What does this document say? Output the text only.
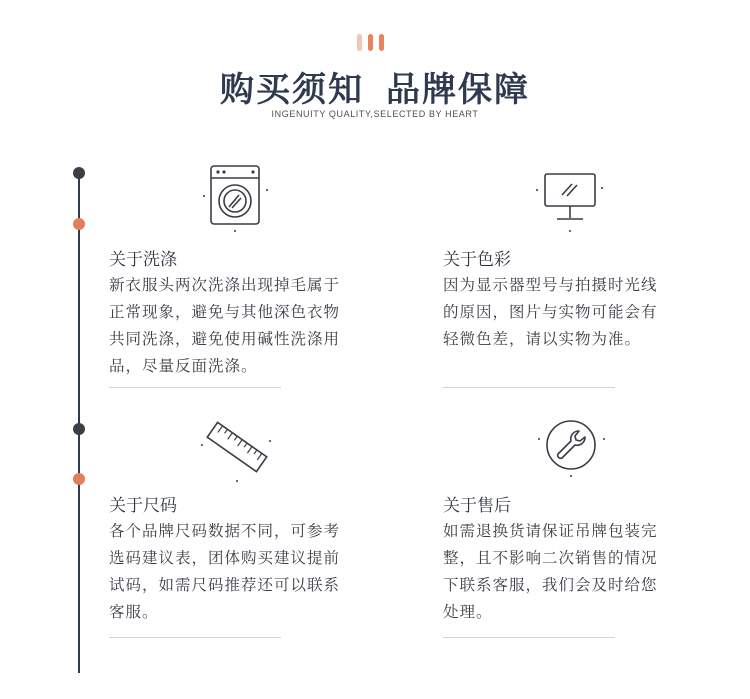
购买须知 品牌保障
INGENUITY QUALITY,SELECTED BY HEART
关于洗涤

新衣服头两次洗涤出现掉毛属于
正常现象，避免与其他深色衣物
共同洗涤，避免使用碱性洗涤用
品，尽量反面洗涤。

关于色彩

因为显示器型号与拍摄时光线
的原因，图片与实物可能会有
轻微色差，请以实物为准。

关于尺码

各个品牌尺码数据不同，可参考
选码建议表，团体购买建议提前
试码，如需尺码推荐还可以联系
客服。

关于售后

如需退换货请保证吊牌包装完
整，且不影响二次销售的情况
下联系客服，我们会及时给您
处理。
